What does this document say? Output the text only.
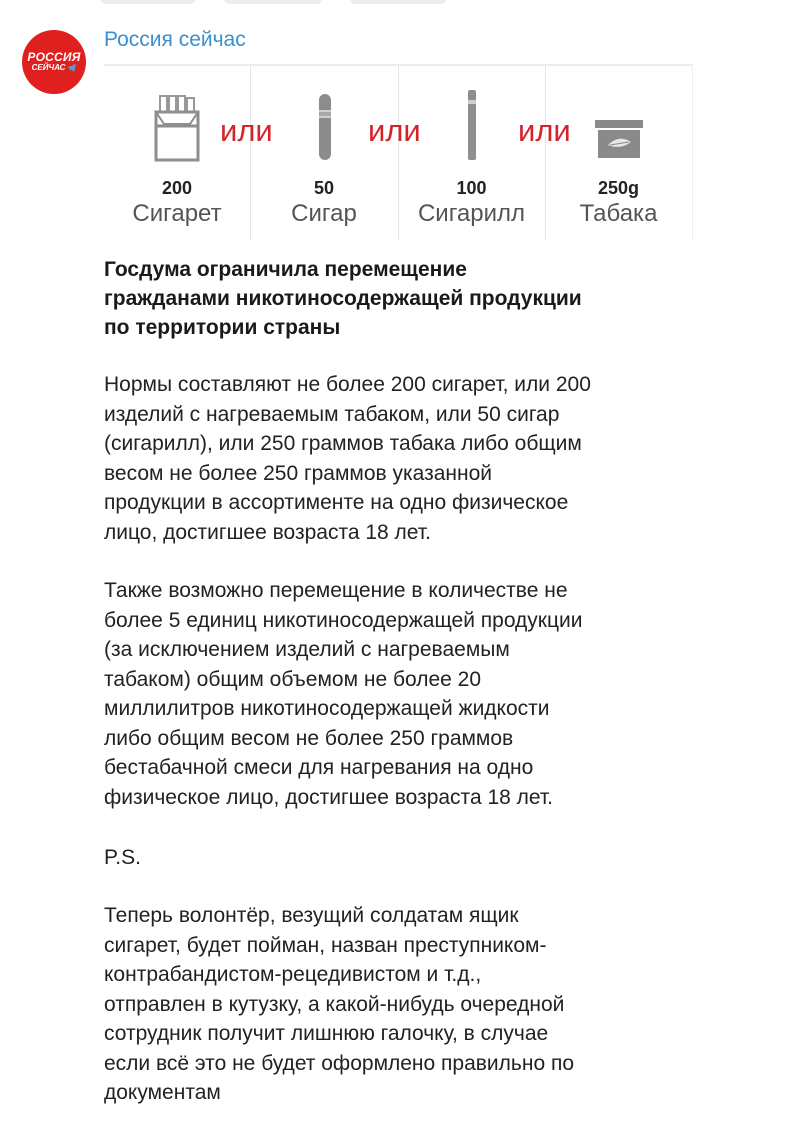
РОССИЯ
СЕЙЧАС
Россия сейчас
или
200
Сигарет
или
50
Сигар
или
100
Сигарилл
250g
Табака
Госдума ограничила перемещение
гражданами никотиносодержащей продукции
по территории страны
Нормы составляют не более 200 сигарет, или 200
изделий с нагреваемым табаком, или 50 сигар
(сигарилл), или 250 граммов табака либо общим
весом не более 250 граммов указанной
продукции в ассортименте на одно физическое
лицо, достигшее возраста 18 лет.
Также возможно перемещение в количестве не
более 5 единиц никотиносодержащей продукции
(за исключением изделий с нагреваемым
табаком) общим объемом не более 20
миллилитров никотиносодержащей жидкости
либо общим весом не более 250 граммов
бестабачной смеси для нагревания на одно
физическое лицо, достигшее возраста 18 лет.
P.S.
Теперь волонтёр, везущий солдатам ящик
сигарет, будет пойман, назван преступником-
контрабандистом-рецедивистом и т.д.,
отправлен в кутузку, а какой-нибудь очередной
сотрудник получит лишнюю галочку, в случае
если всё это не будет оформлено правильно по
документам
